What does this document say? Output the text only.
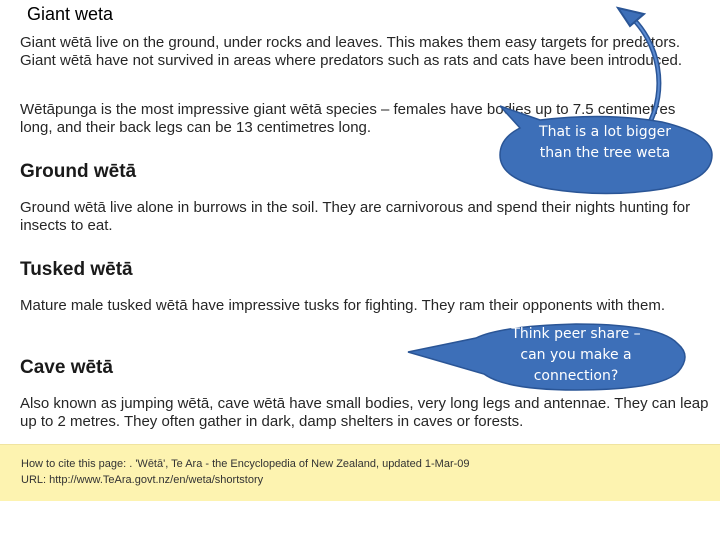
Giant weta

Giant wētā live on the ground, under rocks and leaves. This makes them easy targets for predators. Giant wētā have not survived in areas where predators such as rats and cats have been introduced.

Wētāpunga is the most impressive giant wētā species – females have bodies up to 7.5 centimetres long, and their back legs can be 13 centimetres long.

Ground wētā

Ground wētā live alone in burrows in the soil. They are carnivorous and spend their nights hunting for insects to eat.

Tusked wētā

Mature male tusked wētā have impressive tusks for fighting. They ram their opponents with them.

Cave wētā

Also known as jumping wētā, cave wētā have small bodies, very long legs and antennae. They can leap up to 2 metres. They often gather in dark, damp shelters in caves or forests.

How to cite this page: . 'Wētā', Te Ara - the Encyclopedia of New Zealand, updated 1-Mar-09
URL: http://www.TeAra.govt.nz/en/weta/shortstory
That is a lot bigger than the tree weta
Think peer share – can you make a connection?
